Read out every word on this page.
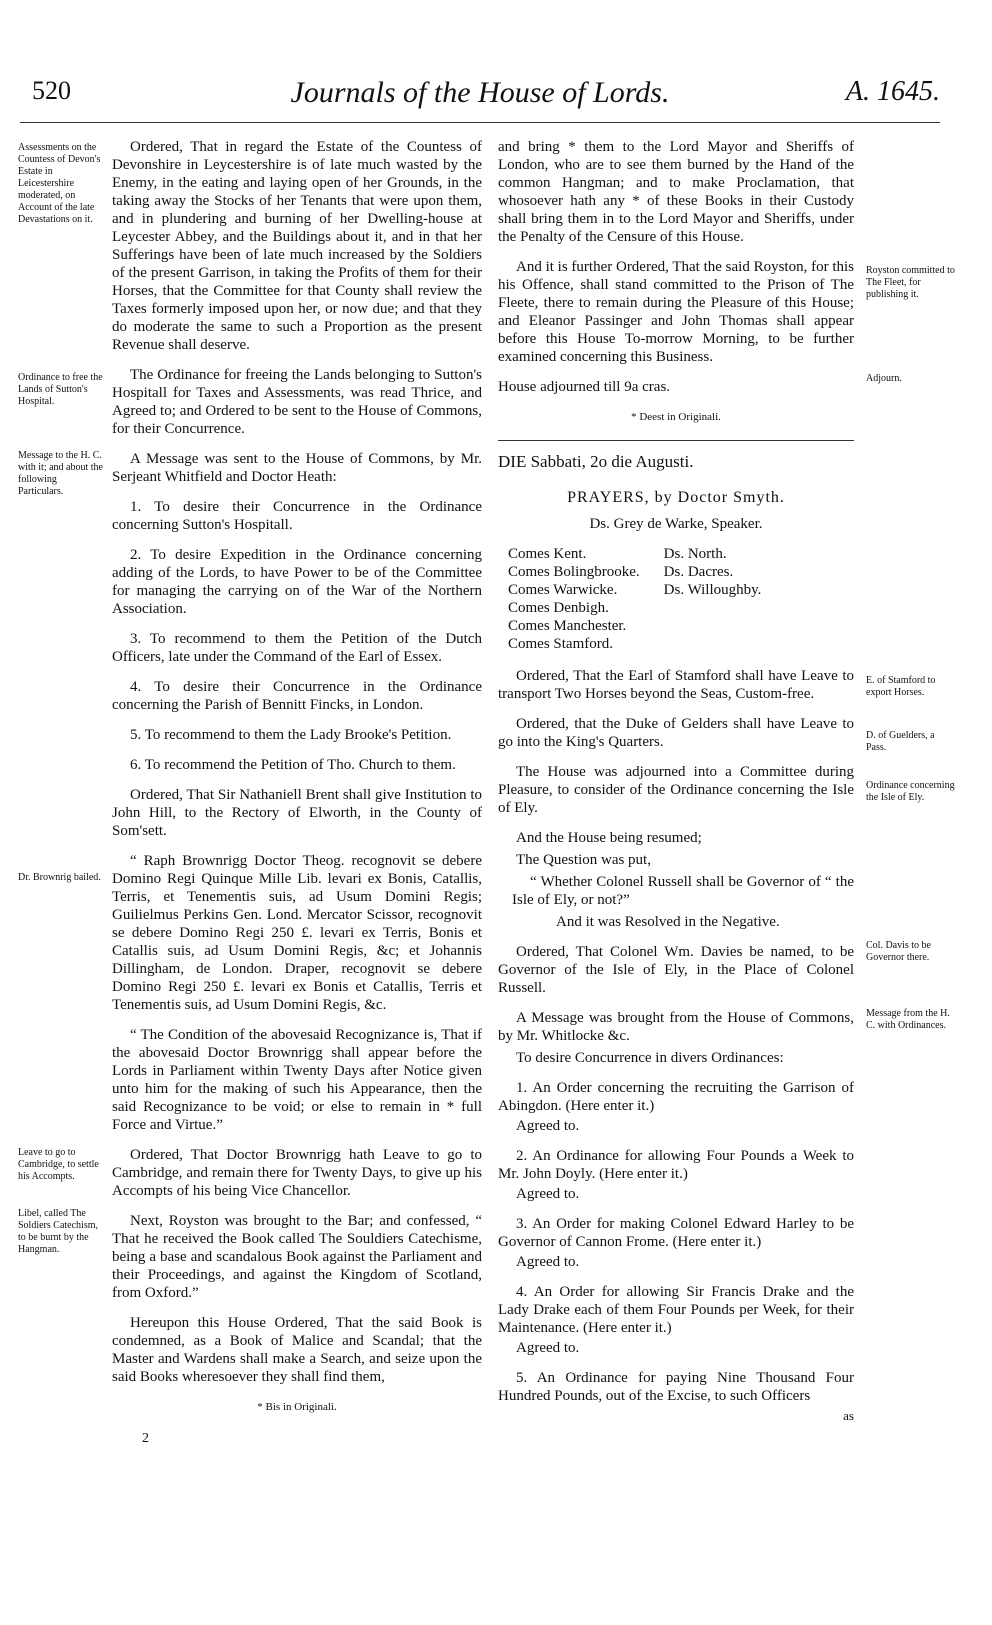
520	Journals of the House of Lords.	A. 1645.
Assessments on the Countess of Devon's Estate in Leicestershire moderated, on Account of the late Devastations on it.
Ordinance to free the Lands of Sutton's Hospital.
Message to the H. C. with it; and about the following Particulars.
Dr. Brownrig bailed.
Leave to go to Cambridge, to settle his Accompts.
Libel, called The Soldiers Catechism, to be burnt by the Hangman.
Royston committed to The Fleet, for publishing it.
Adjourn.
E. of Stamford to export Horses.
D. of Guelders, a Pass.
Ordinance concerning the Isle of Ely.
Col. Davis to be Governor there.
Message from the H. C. with Ordinances.

Ordered, That in regard the Estate of the Countess of Devonshire in Leycestershire is of late much wasted by the Enemy, in the eating and laying open of her Grounds, in the taking away the Stocks of her Tenants that were upon them, and in plundering and burning of her Dwelling-house at Leycester Abbey, and the Buildings about it, and in that her Sufferings have been of late much increased by the Soldiers of the present Garrison, in taking the Profits of them for their Horses, that the Committee for that County shall review the Taxes formerly imposed upon her, or now due; and that they do moderate the same to such a Proportion as the present Revenue shall deserve.

The Ordinance for freeing the Lands belonging to Sutton's Hospitall for Taxes and Assessments, was read Thrice, and Agreed to; and Ordered to be sent to the House of Commons, for their Concurrence.

A Message was sent to the House of Commons, by Mr. Serjeant Whitfield and Doctor Heath:

1. To desire their Concurrence in the Ordinance concerning Sutton's Hospitall.
2. To desire Expedition in the Ordinance concerning adding of the Lords, to have Power to be of the Committee for managing the carrying on of the War of the Northern Association.
3. To recommend to them the Petition of the Dutch Officers, late under the Command of the Earl of Essex.
4. To desire their Concurrence in the Ordinance concerning the Parish of Bennitt Fincks, in London.
5. To recommend to them the Lady Brooke's Petition.
6. To recommend the Petition of Tho. Church to them.

Ordered, That Sir Nathaniell Brent shall give Institution to John Hill, to the Rectory of Elworth, in the County of Som'sett.

“ Raph Brownrigg Doctor Theog. recognovit se debere Domino Regi Quinque Mille Lib. levari ex Bonis, Catallis, Terris, et Tenementis suis, ad Usum Domini Regis; Guilielmus Perkins Gen. Lond. Mercator Scissor, recognovit se debere Domino Regi 250 £. levari ex Terris, Bonis et Catallis suis, ad Usum Domini Regis, &c; et Johannis Dillingham, de London. Draper, recognovit se debere Domino Regi 250 £. levari ex Bonis et Catallis, Terris et Tenementis suis, ad Usum Domini Regis, &c.

“ The Condition of the abovesaid Recognizance is, That if the abovesaid Doctor Brownrigg shall appear before the Lords in Parliament within Twenty Days after Notice given unto him for the making of such his Appearance, then the said Recognizance to be void; or else to remain in * full Force and Virtue.”

Ordered, That Doctor Brownrigg hath Leave to go to Cambridge, and remain there for Twenty Days, to give up his Accompts of his being Vice Chancellor.

Next, Royston was brought to the Bar; and confessed, “ That he received the Book called The Souldiers Catechisme, being a base and scandalous Book against the Parliament and their Proceedings, and against the Kingdom of Scotland, from Oxford.”

Hereupon this House Ordered, That the said Book is condemned, as a Book of Malice and Scandal; that the Master and Wardens shall make a Search, and seize upon the said Books wheresoever they shall find them,

* Bis in Originali.
2

and bring * them to the Lord Mayor and Sheriffs of London, who are to see them burned by the Hand of the common Hangman; and to make Proclamation, that whosoever hath any * of these Books in their Custody shall bring them in to the Lord Mayor and Sheriffs, under the Penalty of the Censure of this House.

And it is further Ordered, That the said Royston, for this his Offence, shall stand committed to the Prison of The Fleete, there to remain during the Pleasure of this House; and Eleanor Passinger and John Thomas shall appear before this House To-morrow Morning, to be further examined concerning this Business.

House adjourned till 9a cras.

* Deest in Originali.
DIE Sabbati, 2o die Augusti.
PRAYERS, by Doctor Smyth.
Ds. Grey de Warke, Speaker.
Comes Kent.
Comes Bolingbrooke.
Comes Warwicke.
Comes Denbigh.
Comes Manchester.
Comes Stamford.
Ds. North.
Ds. Dacres.
Ds. Willoughby.

Ordered, That the Earl of Stamford shall have Leave to transport Two Horses beyond the Seas, Custom-free.

Ordered, that the Duke of Gelders shall have Leave to go into the King's Quarters.

The House was adjourned into a Committee during Pleasure, to consider of the Ordinance concerning the Isle of Ely.

And the House being resumed;

The Question was put,

“ Whether Colonel Russell shall be Governor of “ the Isle of Ely, or not?”

And it was Resolved in the Negative.

Ordered, That Colonel Wm. Davies be named, to be Governor of the Isle of Ely, in the Place of Colonel Russell.

A Message was brought from the House of Commons, by Mr. Whitlocke &c.

To desire Concurrence in divers Ordinances:

1. An Order concerning the recruiting the Garrison of Abingdon. (Here enter it.)

Agreed to.

2. An Ordinance for allowing Four Pounds a Week to Mr. John Doyly. (Here enter it.)

Agreed to.

3. An Order for making Colonel Edward Harley to be Governor of Cannon Frome. (Here enter it.)

Agreed to.

4. An Order for allowing Sir Francis Drake and the Lady Drake each of them Four Pounds per Week, for their Maintenance. (Here enter it.)

Agreed to.

5. An Ordinance for paying Nine Thousand Four Hundred Pounds, out of the Excise, to such Officers
as
